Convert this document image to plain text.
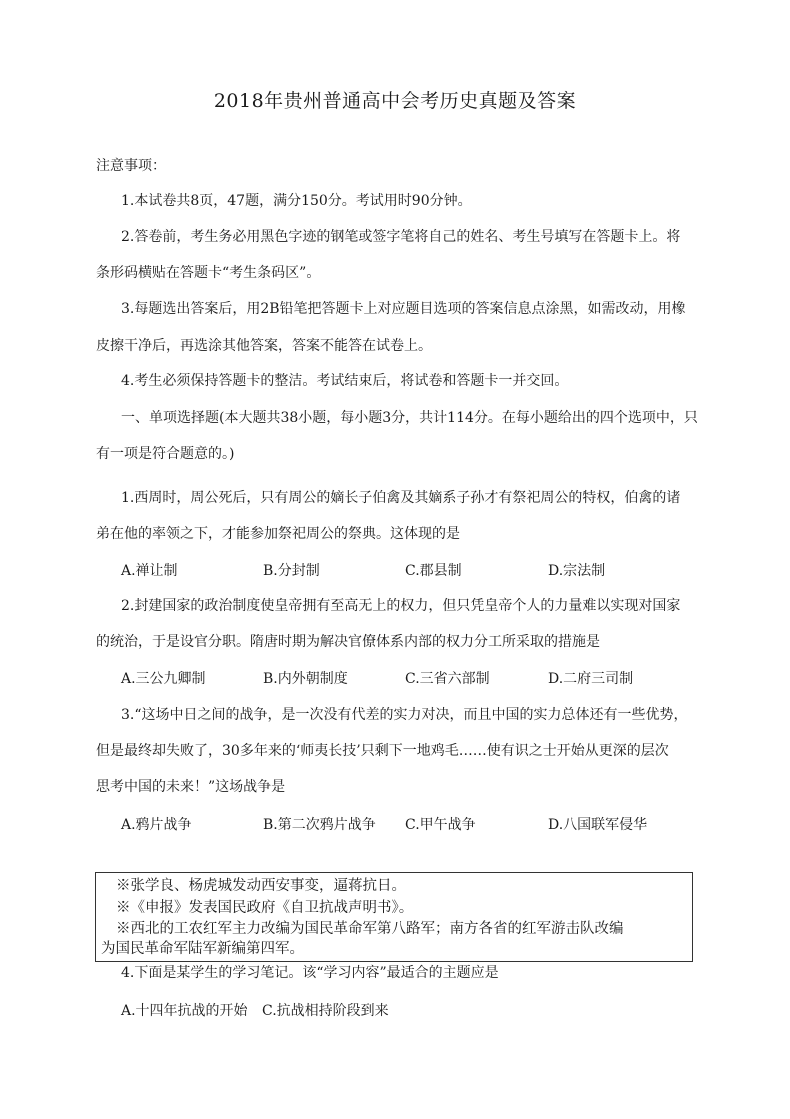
2018年贵州普通高中会考历史真题及答案
注意事项：
1.本试卷共8页，47题，满分150分。考试用时90分钟。
2.答卷前，考生务必用黑色字迹的钢笔或签字笔将自己的姓名、考生号填写在答题卡上。将
条形码横贴在答题卡“考生条码区”。
3.每题选出答案后，用2B铅笔把答题卡上对应题目选项的答案信息点涂黑，如需改动，用橡
皮擦干净后，再选涂其他答案，答案不能答在试卷上。
4.考生必须保持答题卡的整洁。考试结束后，将试卷和答题卡一并交回。
一、单项选择题(本大题共38小题，每小题3分，共计114分。在每小题给出的四个选项中，只
有一项是符合题意的。)
1.西周时，周公死后，只有周公的嫡长子伯禽及其嫡系子孙才有祭祀周公的特权，伯禽的诸
弟在他的率领之下，才能参加祭祀周公的祭典。这体现的是
A.禅让制	B.分封制	C.郡县制	D.宗法制
2.封建国家的政治制度使皇帝拥有至高无上的权力，但只凭皇帝个人的力量难以实现对国家
的统治，于是设官分职。隋唐时期为解决官僚体系内部的权力分工所采取的措施是
A.三公九卿制	B.内外朝制度	C.三省六部制	D.二府三司制
3.“这场中日之间的战争，是一次没有代差的实力对决，而且中国的实力总体还有一些优势，
但是最终却失败了，30多年来的‘师夷长技’只剩下一地鸡毛……使有识之士开始从更深的层次
思考中国的未来！”这场战争是
A.鸦片战争	B.第二次鸦片战争 C.甲午战争	D.八国联军侵华
※张学良、杨虎城发动西安事变，逼蒋抗日。
※《申报》发表国民政府《自卫抗战声明书》。
※西北的工农红军主力改编为国民革命军第八路军；南方各省的红军游击队改编
为国民革命军陆军新编第四军。
4.下面是某学生的学习笔记。该“学习内容”最适合的主题应是
A.十四年抗战的开始 C.抗战相持阶段到来
